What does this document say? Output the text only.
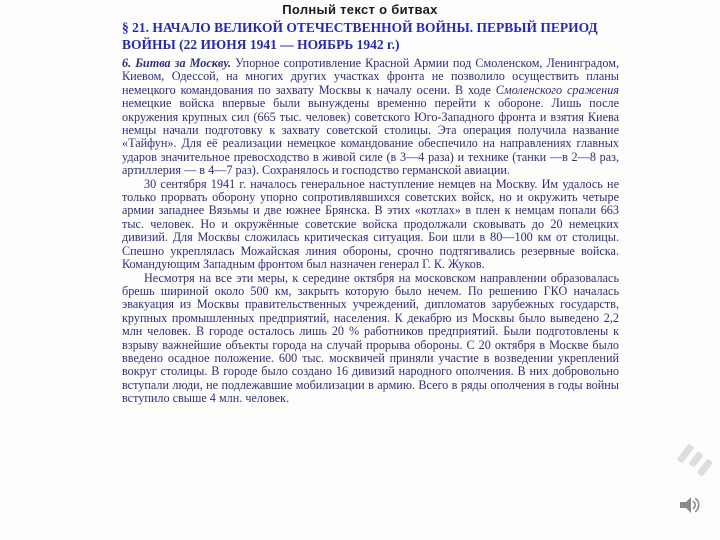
Полный текст о битвах
§ 21. НАЧАЛО ВЕЛИКОЙ ОТЕЧЕСТВЕННОЙ ВОЙНЫ. ПЕРВЫЙ ПЕРИОД ВОЙНЫ (22 ИЮНЯ 1941 — НОЯБРЬ 1942 г.)

6. Битва за Москву. Упорное сопротивление Красной Армии под Смоленском, Ленинградом, Киевом, Одессой, на многих других участках фронта не позволило осуществить планы немецкого командования по захвату Москвы к началу осени. В ходе Смоленского сражения немецкие войска впервые были вынуждены временно перейти к обороне. Лишь после окружения крупных сил (665 тыс. человек) советского Юго-Западного фронта и взятия Киева немцы начали подготовку к захвату советской столицы. Эта операция получила название «Тайфун». Для её реализации немецкое командование обеспечило на направлениях главных ударов значительное превосходство в живой силе (в 3—4 раза) и технике (танки —в 2—8 раз, артиллерия — в 4—7 раз). Сохранялось и господство германской авиации.

30 сентября 1941 г. началось генеральное наступление немцев на Москву. Им удалось не только прорвать оборону упорно сопротивлявшихся советских войск, но и окружить четыре армии западнее Вязьмы и две южнее Брянска. В этих «котлах» в плен к немцам попали 663 тыс. человек. Но и окружённые советские войска продолжали сковывать до 20 немецких дивизий. Для Москвы сложилась критическая ситуация. Бои шли в 80—100 км от столицы. Спешно укреплялась Можайская линия обороны, срочно подтягивались резервные войска. Командующим Западным фронтом был назначен генерал Г. К. Жуков.

Несмотря на все эти меры, к середине октября на московском направлении образовалась брешь шириной около 500 км, закрыть которую было нечем. По решению ГКО началась эвакуация из Москвы правительственных учреждений, дипломатов зарубежных государств, крупных промышленных предприятий, населения. К декабрю из Москвы было выведено 2,2 млн человек. В городе осталось лишь 20 % работников предприятий. Были подготовлены к взрыву важнейшие объекты города на случай прорыва обороны. С 20 октября в Москве было введено осадное положение. 600 тыс. москвичей приняли участие в возведении укреплений вокруг столицы. В городе было создано 16 дивизий народного ополчения. В них добровольно вступали люди, не подлежавшие мобилизации в армию. Всего в ряды ополчения в годы войны вступило свыше 4 млн. человек.
